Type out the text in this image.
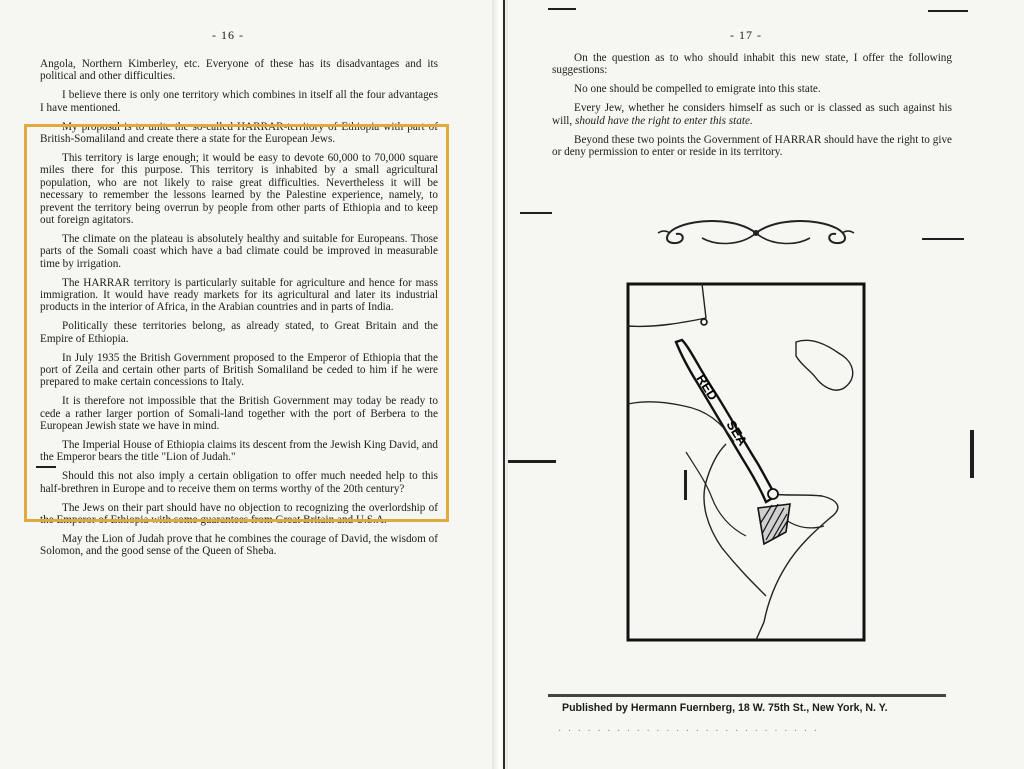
- 16 -

Angola, Northern Kimberley, etc. Everyone of these has its disadvantages and its political and other difficulties.

I believe there is only one territory which combines in itself all the four advantages I have mentioned.

My proposal is to unite the so-called HARRAR-territory of Ethiopia with part of British-Somaliland and create there a state for the European Jews.

This territory is large enough; it would be easy to devote 60,000 to 70,000 square miles there for this purpose. This territory is inhabited by a small agricultural population, who are not likely to raise great difficulties. Nevertheless it will be necessary to remember the lessons learned by the Palestine experience, namely, to prevent the territory being overrun by people from other parts of Ethiopia and to keep out foreign agitators.

The climate on the plateau is absolutely healthy and suitable for Europeans. Those parts of the Somali coast which have a bad climate could be improved in measurable time by irrigation.

The HARRAR territory is particularly suitable for agriculture and hence for mass immigration. It would have ready markets for its agricultural and later its industrial products in the interior of Africa, in the Arabian countries and in parts of India.

Politically these territories belong, as already stated, to Great Britain and the Empire of Ethiopia.

In July 1935 the British Government proposed to the Emperor of Ethiopia that the port of Zeila and certain other parts of British Somaliland be ceded to him if he were prepared to make certain concessions to Italy.

It is therefore not impossible that the British Government may today be ready to cede a rather larger portion of Somali-land together with the port of Berbera to the European Jewish state we have in mind.

The Imperial House of Ethiopia claims its descent from the Jewish King David, and the Emperor bears the title "Lion of Judah."

Should this not also imply a certain obligation to offer much needed help to this half-brethren in Europe and to receive them on terms worthy of the 20th century?

The Jews on their part should have no objection to recognizing the overlordship of the Emperor of Ethiopia with some guarantees from Great Britain and U.S.A.

May the Lion of Judah prove that he combines the courage of David, the wisdom of Solomon, and the good sense of the Queen of Sheba.

- 17 -

On the question as to who should inhabit this new state, I offer the following suggestions:

No one should be compelled to emigrate into this state.

Every Jew, whether he considers himself as such or is classed as such against his will, should have the right to enter this state.

Beyond these two points the Government of HARRAR should have the right to give or deny permission to enter or reside in its territory.

RED
SEA
Published by Hermann Fuernberg, 18 W. 75th St., New York, N. Y.
· · · · · · · · · · · · · · · · · · · · · · · · · · ·
